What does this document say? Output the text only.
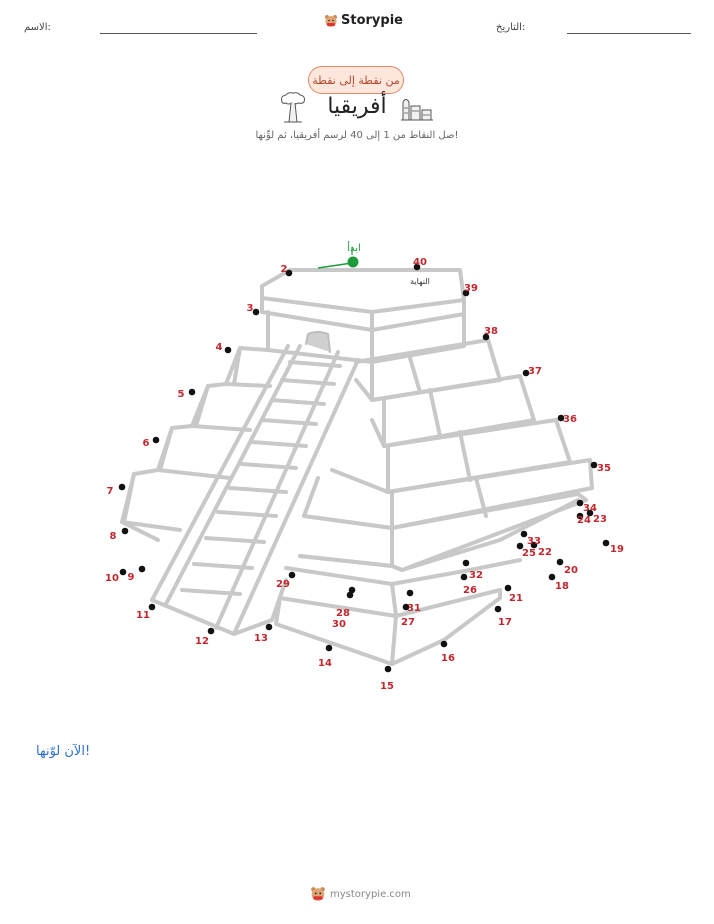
التاريخ:
الاسم:	Storypie
من نقطة إلى نقطة
أفريقيا
صل النقاط من 1 إلى 40 لرسم أفريقيا، ثم لوِّنها!
ابدأ
النهاية
2
3
4
5
6
7
8
9
10
11
12	13
14
15
16
17
18
19
20
21
22
23
24
25
26
27
28
29
30
31
32
33
34
35
36
37
38
39
40
الآن لوّنها!
mystorypie.com
